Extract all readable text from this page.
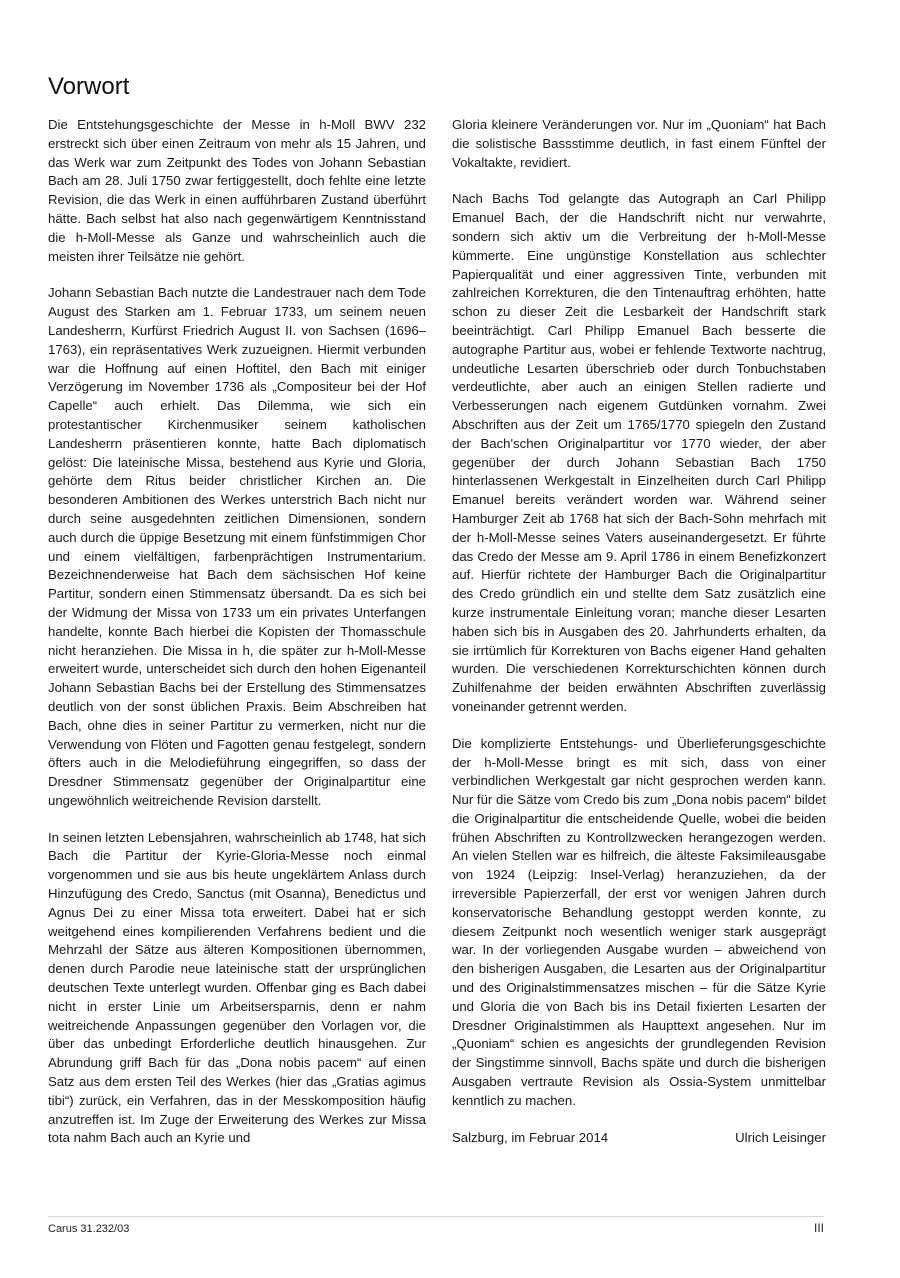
Vorwort

Die Entstehungsgeschichte der Messe in h-Moll BWV 232 erstreckt sich über einen Zeitraum von mehr als 15 Jahren, und das Werk war zum Zeitpunkt des Todes von Johann Sebastian Bach am 28. Juli 1750 zwar fertiggestellt, doch fehlte eine letzte Revision, die das Werk in einen aufführbaren Zustand überführt hätte. Bach selbst hat also nach gegenwärtigem Kenntnisstand die h-Moll-Messe als Ganze und wahrscheinlich auch die meisten ihrer Teilsätze nie gehört.

Johann Sebastian Bach nutzte die Landestrauer nach dem Tode August des Starken am 1. Februar 1733, um seinem neuen Landesherrn, Kurfürst Friedrich August II. von Sachsen (1696–1763), ein repräsentatives Werk zuzueignen. Hiermit verbunden war die Hoffnung auf einen Hoftitel, den Bach mit einiger Verzögerung im November 1736 als „Compositeur bei der Hof Capelle“ auch erhielt. Das Dilemma, wie sich ein protestantischer Kirchenmusiker seinem katholischen Landesherrn präsentieren konnte, hatte Bach diplomatisch gelöst: Die lateinische Missa, bestehend aus Kyrie und Gloria, gehörte dem Ritus beider christlicher Kirchen an. Die besonderen Ambitionen des Werkes unterstrich Bach nicht nur durch seine ausgedehnten zeitlichen Dimensionen, sondern auch durch die üppige Besetzung mit einem fünfstimmigen Chor und einem vielfältigen, farbenprächtigen Instrumentarium. Bezeichnenderweise hat Bach dem sächsischen Hof keine Partitur, sondern einen Stimmensatz übersandt. Da es sich bei der Widmung der Missa von 1733 um ein privates Unterfangen handelte, konnte Bach hierbei die Kopisten der Thomasschule nicht heranziehen. Die Missa in h, die später zur h-Moll-Messe erweitert wurde, unterscheidet sich durch den hohen Eigenanteil Johann Sebastian Bachs bei der Erstellung des Stimmensatzes deutlich von der sonst üblichen Praxis. Beim Abschreiben hat Bach, ohne dies in seiner Partitur zu vermerken, nicht nur die Verwendung von Flöten und Fagotten genau festgelegt, sondern öfters auch in die Melodieführung eingegriffen, so dass der Dresdner Stimmensatz gegenüber der Originalpartitur eine ungewöhnlich weitreichende Revision darstellt.

In seinen letzten Lebensjahren, wahrscheinlich ab 1748, hat sich Bach die Partitur der Kyrie-Gloria-Messe noch einmal vorgenommen und sie aus bis heute ungeklärtem Anlass durch Hinzufügung des Credo, Sanctus (mit Osanna), Benedictus und Agnus Dei zu einer Missa tota erweitert. Dabei hat er sich weitgehend eines kompilierenden Verfahrens bedient und die Mehrzahl der Sätze aus älteren Kompositionen übernommen, denen durch Parodie neue lateinische statt der ursprünglichen deutschen Texte unterlegt wurden. Offenbar ging es Bach dabei nicht in erster Linie um Arbeitsersparnis, denn er nahm weitreichende Anpassungen gegenüber den Vorlagen vor, die über das unbedingt Erforderliche deutlich hinausgehen. Zur Abrundung griff Bach für das „Dona nobis pacem“ auf einen Satz aus dem ersten Teil des Werkes (hier das „Gratias agimus tibi“) zurück, ein Verfahren, das in der Messkomposition häufig anzutreffen ist. Im Zuge der Erweiterung des Werkes zur Missa tota nahm Bach auch an Kyrie und

Gloria kleinere Veränderungen vor. Nur im „Quoniam“ hat Bach die solistische Bassstimme deutlich, in fast einem Fünftel der Vokaltakte, revidiert.

Nach Bachs Tod gelangte das Autograph an Carl Philipp Emanuel Bach, der die Handschrift nicht nur verwahrte, sondern sich aktiv um die Verbreitung der h-Moll-Messe kümmerte. Eine ungünstige Konstellation aus schlechter Papierqualität und einer aggressiven Tinte, verbunden mit zahlreichen Korrekturen, die den Tintenauftrag erhöhten, hatte schon zu dieser Zeit die Lesbarkeit der Handschrift stark beeinträchtigt. Carl Philipp Emanuel Bach besserte die autographe Partitur aus, wobei er fehlende Textworte nachtrug, undeutliche Lesarten überschrieb oder durch Tonbuchstaben verdeutlichte, aber auch an einigen Stellen radierte und Verbesserungen nach eigenem Gutdünken vornahm. Zwei Abschriften aus der Zeit um 1765/1770 spiegeln den Zustand der Bach'schen Originalpartitur vor 1770 wieder, der aber gegenüber der durch Johann Sebastian Bach 1750 hinterlassenen Werkgestalt in Einzelheiten durch Carl Philipp Emanuel bereits verändert worden war. Während seiner Hamburger Zeit ab 1768 hat sich der Bach-Sohn mehrfach mit der h-Moll-Messe seines Vaters auseinandergesetzt. Er führte das Credo der Messe am 9. April 1786 in einem Benefizkonzert auf. Hierfür richtete der Hamburger Bach die Originalpartitur des Credo gründlich ein und stellte dem Satz zusätzlich eine kurze instrumentale Einleitung voran; manche dieser Lesarten haben sich bis in Ausgaben des 20. Jahrhunderts erhalten, da sie irrtümlich für Korrekturen von Bachs eigener Hand gehalten wurden. Die verschiedenen Korrekturschichten können durch Zuhilfenahme der beiden erwähnten Abschriften zuverlässig voneinander getrennt werden.

Die komplizierte Entstehungs- und Überlieferungsgeschichte der h-Moll-Messe bringt es mit sich, dass von einer verbindlichen Werkgestalt gar nicht gesprochen werden kann. Nur für die Sätze vom Credo bis zum „Dona nobis pacem“ bildet die Originalpartitur die entscheidende Quelle, wobei die beiden frühen Abschriften zu Kontrollzwecken herangezogen werden. An vielen Stellen war es hilfreich, die älteste Faksimileausgabe von 1924 (Leipzig: Insel-Verlag) heranzuziehen, da der irreversible Papierzerfall, der erst vor wenigen Jahren durch konservatorische Behandlung gestoppt werden konnte, zu diesem Zeitpunkt noch wesentlich weniger stark ausgeprägt war. In der vorliegenden Ausgabe wurden – abweichend von den bisherigen Ausgaben, die Lesarten aus der Originalpartitur und des Originalstimmensatzes mischen – für die Sätze Kyrie und Gloria die von Bach bis ins Detail fixierten Lesarten der Dresdner Originalstimmen als Haupttext angesehen. Nur im „Quoniam“ schien es angesichts der grundlegenden Revision der Singstimme sinnvoll, Bachs späte und durch die bisherigen Ausgaben vertraute Revision als Ossia-System unmittelbar kenntlich zu machen.

Salzburg, im Februar 2014	Ulrich Leisinger
Carus 31.232/03	III
